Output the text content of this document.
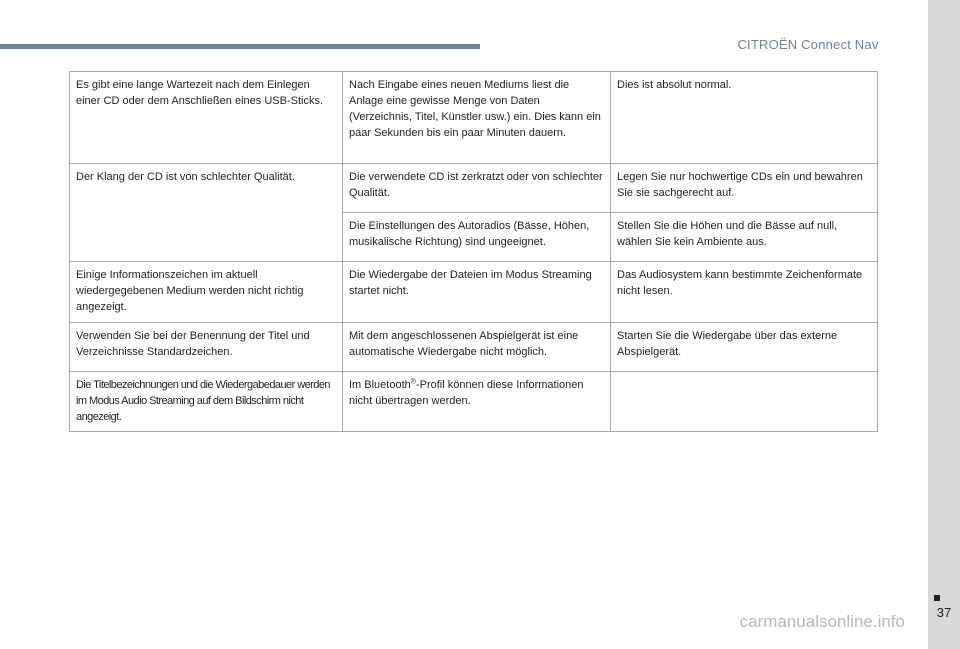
CITROËN Connect Nav
37
Es gibt eine lange Wartezeit nach dem Einlegen einer CD oder dem Anschließen eines USB-Sticks.	Nach Eingabe eines neuen Mediums liest die Anlage eine gewisse Menge von Daten (Verzeichnis, Titel, Künstler usw.) ein. Dies kann ein paar Sekunden bis ein paar Minuten dauern.	Dies ist absolut normal.
Der Klang der CD ist von schlechter Qualität.	Die verwendete CD ist zerkratzt oder von schlechter Qualität.	Legen Sie nur hochwertige CDs ein und bewahren Sie sie sachgerecht auf.
	Die Einstellungen des Autoradios (Bässe, Höhen, musikalische Richtung) sind ungeeignet.	Stellen Sie die Höhen und die Bässe auf null, wählen Sie kein Ambiente aus.
Einige Informationszeichen im aktuell wiedergegebenen Medium werden nicht richtig angezeigt.	Die Wiedergabe der Dateien im Modus Streaming startet nicht.	Das Audiosystem kann bestimmte Zeichenformate nicht lesen.
Verwenden Sie bei der Benennung der Titel und Verzeichnisse Standardzeichen.	Mit dem angeschlossenen Abspielgerät ist eine automatische Wiedergabe nicht möglich.	Starten Sie die Wiedergabe über das externe Abspielgerät.
Die Titelbezeichnungen und die Wiedergabedauer werden im Modus Audio Streaming auf dem Bildschirm nicht angezeigt.	Im Bluetooth®-Profil können diese Informationen nicht übertragen werden.	
carmanualsonline.info
